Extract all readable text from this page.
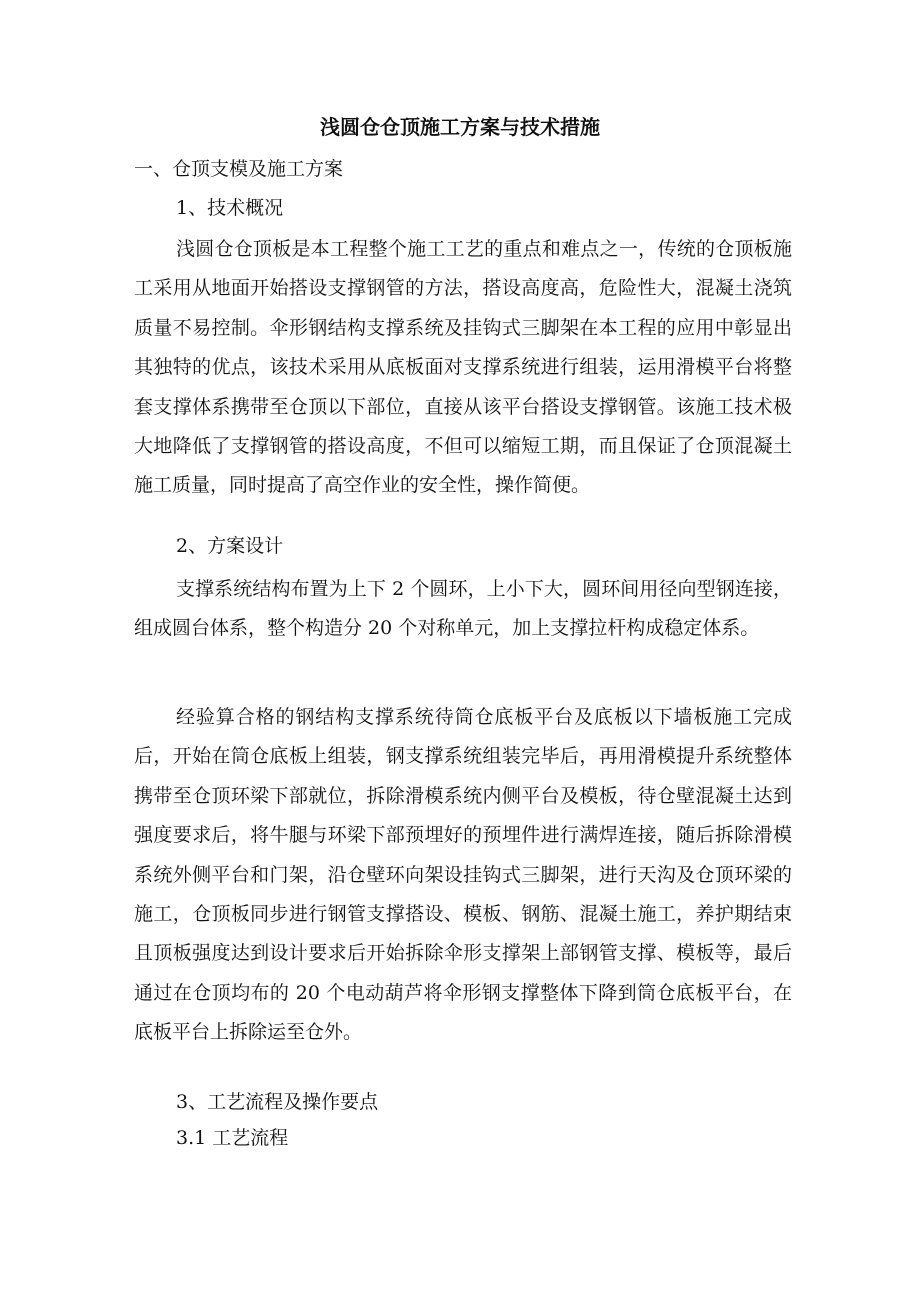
浅圆仓仓顶施工方案与技术措施

一、仓顶支模及施工方案

1、技术概况

浅圆仓仓顶板是本工程整个施工工艺的重点和难点之一，传统的仓顶板施工采用从地面开始搭设支撑钢管的方法，搭设高度高，危险性大，混凝土浇筑质量不易控制。伞形钢结构支撑系统及挂钩式三脚架在本工程的应用中彰显出其独特的优点，该技术采用从底板面对支撑系统进行组装，运用滑模平台将整套支撑体系携带至仓顶以下部位，直接从该平台搭设支撑钢管。该施工技术极大地降低了支撑钢管的搭设高度，不但可以缩短工期，而且保证了仓顶混凝土施工质量，同时提高了高空作业的安全性，操作简便。

2、方案设计

支撑系统结构布置为上下 2 个圆环，上小下大，圆环间用径向型钢连接，组成圆台体系，整个构造分 20 个对称单元，加上支撑拉杆构成稳定体系。

经验算合格的钢结构支撑系统待筒仓底板平台及底板以下墙板施工完成后，开始在筒仓底板上组装，钢支撑系统组装完毕后，再用滑模提升系统整体携带至仓顶环梁下部就位，拆除滑模系统内侧平台及模板，待仓壁混凝土达到强度要求后，将牛腿与环梁下部预埋好的预埋件进行满焊连接，随后拆除滑模系统外侧平台和门架，沿仓壁环向架设挂钩式三脚架，进行天沟及仓顶环梁的施工，仓顶板同步进行钢管支撑搭设、模板、钢筋、混凝土施工，养护期结束且顶板强度达到设计要求后开始拆除伞形支撑架上部钢管支撑、模板等，最后通过在仓顶均布的 20 个电动葫芦将伞形钢支撑整体下降到筒仓底板平台，在底板平台上拆除运至仓外。

3、工艺流程及操作要点

3.1 工艺流程
